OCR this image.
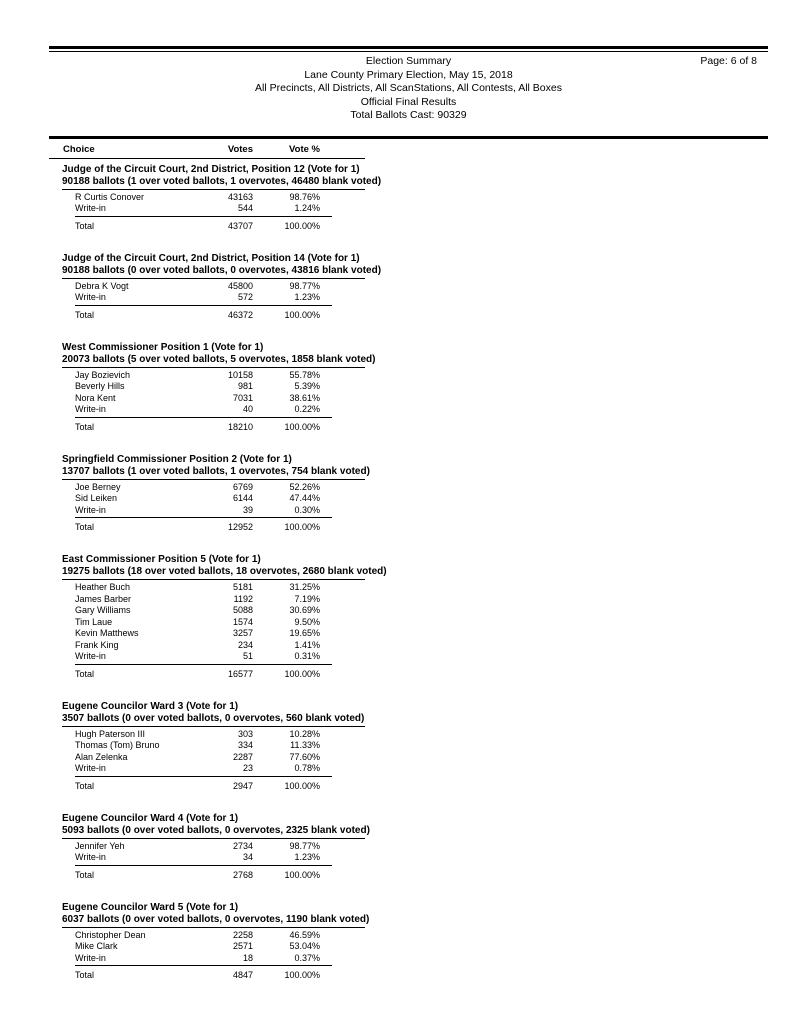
Page: 6 of 8
Election Summary
Lane County Primary Election, May 15, 2018
All Precincts, All Districts, All ScanStations, All Contests, All Boxes
Official Final Results
Total Ballots Cast: 90329
Choice	Votes	Vote %
Judge of the Circuit Court, 2nd District, Position 12 (Vote for 1)
90188 ballots (1 over voted ballots, 1 overvotes, 46480 blank voted)
R Curtis Conover	43163	98.76%
Write-in	544	1.24%
Total	43707	100.00%
Judge of the Circuit Court, 2nd District, Position 14 (Vote for 1)
90188 ballots (0 over voted ballots, 0 overvotes, 43816 blank voted)
Debra K Vogt	45800	98.77%
Write-in	572	1.23%
Total	46372	100.00%
West Commissioner Position 1 (Vote for 1)
20073 ballots (5 over voted ballots, 5 overvotes, 1858 blank voted)
Jay Bozievich	10158	55.78%
Beverly Hills	981	5.39%
Nora Kent	7031	38.61%
Write-in	40	0.22%
Total	18210	100.00%
Springfield Commissioner Position 2 (Vote for 1)
13707 ballots (1 over voted ballots, 1 overvotes, 754 blank voted)
Joe Berney	6769	52.26%
Sid Leiken	6144	47.44%
Write-in	39	0.30%
Total	12952	100.00%
East Commissioner Position 5 (Vote for 1)
19275 ballots (18 over voted ballots, 18 overvotes, 2680 blank voted)
Heather Buch	5181	31.25%
James Barber	1192	7.19%
Gary Williams	5088	30.69%
Tim Laue	1574	9.50%
Kevin Matthews	3257	19.65%
Frank King	234	1.41%
Write-in	51	0.31%
Total	16577	100.00%
Eugene Councilor Ward 3 (Vote for 1)
3507 ballots (0 over voted ballots, 0 overvotes, 560 blank voted)
Hugh Paterson III	303	10.28%
Thomas (Tom) Bruno	334	11.33%
Alan Zelenka	2287	77.60%
Write-in	23	0.78%
Total	2947	100.00%
Eugene Councilor Ward 4 (Vote for 1)
5093 ballots (0 over voted ballots, 0 overvotes, 2325 blank voted)
Jennifer Yeh	2734	98.77%
Write-in	34	1.23%
Total	2768	100.00%
Eugene Councilor Ward 5 (Vote for 1)
6037 ballots (0 over voted ballots, 0 overvotes, 1190 blank voted)
Christopher Dean	2258	46.59%
Mike Clark	2571	53.04%
Write-in	18	0.37%
Total	4847	100.00%
